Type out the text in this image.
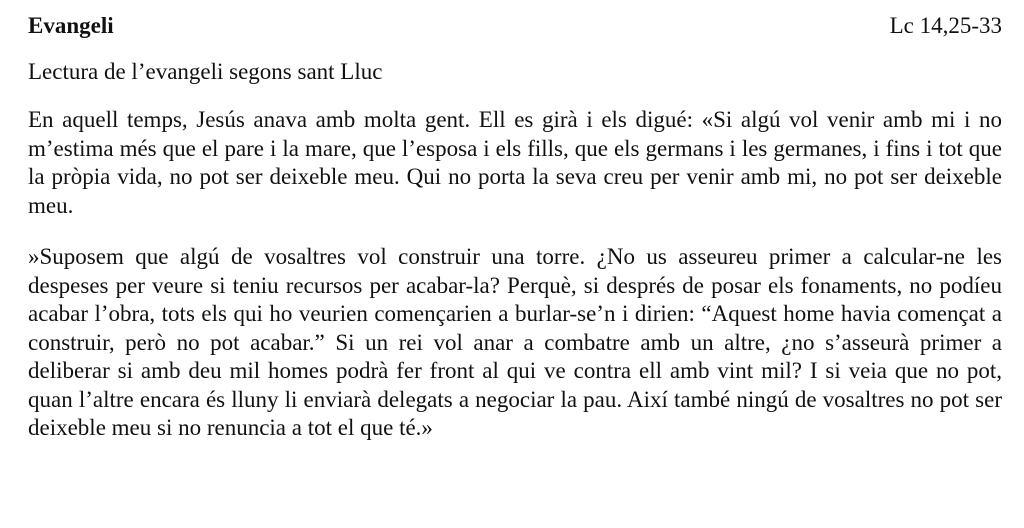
Evangeli	Lc 14,25-33
Lectura de l’evangeli segons sant Lluc

En aquell temps, Jesús anava amb molta gent. Ell es girà i els digué: «Si algú vol venir amb mi i no m’estima més que el pare i la mare, que l’esposa i els fills, que els germans i les germanes, i fins i tot que la pròpia vida, no pot ser deixeble meu. Qui no porta la seva creu per venir amb mi, no pot ser deixeble meu.

»Suposem que algú de vosaltres vol construir una torre. ¿No us asseureu primer a calcular-ne les despeses per veure si teniu recursos per acabar-la? Perquè, si després de posar els fonaments, no podíeu acabar l’obra, tots els qui ho veurien començarien a burlar-se’n i dirien: “Aquest home havia començat a construir, però no pot acabar.” Si un rei vol anar a combatre amb un altre, ¿no s’asseurà primer a deliberar si amb deu mil homes podrà fer front al qui ve contra ell amb vint mil? I si veia que no pot, quan l’altre encara és lluny li enviarà delegats a negociar la pau. Així també ningú de vosaltres no pot ser deixeble meu si no renuncia a tot el que té.»
